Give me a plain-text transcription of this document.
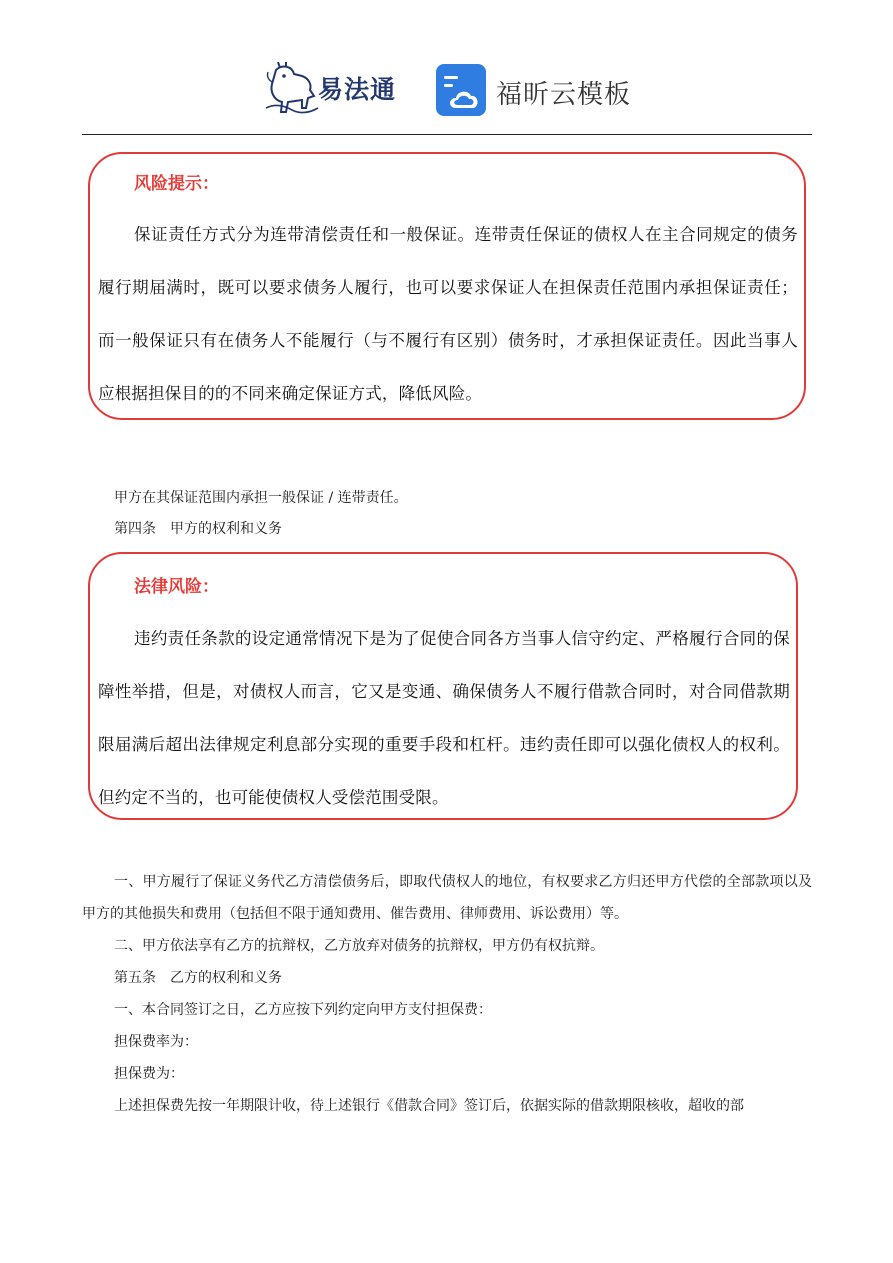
易法通	福昕云模板
风险提示：
保证责任方式分为连带清偿责任和一般保证。连带责任保证的债权人在主合同规定的债务履行期届满时，既可以要求债务人履行，也可以要求保证人在担保责任范围内承担保证责任；而一般保证只有在债务人不能履行（与不履行有区别）债务时，才承担保证责任。因此当事人应根据担保目的的不同来确定保证方式，降低风险。
甲方在其保证范围内承担一般保证 / 连带责任。
第四条　甲方的权利和义务
法律风险：
违约责任条款的设定通常情况下是为了促使合同各方当事人信守约定、严格履行合同的保障性举措，但是，对债权人而言，它又是变通、确保债务人不履行借款合同时，对合同借款期限届满后超出法律规定利息部分实现的重要手段和杠杆。违约责任即可以强化债权人的权利。但约定不当的，也可能使债权人受偿范围受限。
一、甲方履行了保证义务代乙方清偿债务后，即取代债权人的地位，有权要求乙方归还甲方代偿的全部款项以及甲方的其他损失和费用（包括但不限于通知费用、催告费用、律师费用、诉讼费用）等。
二、甲方依法享有乙方的抗辩权，乙方放弃对债务的抗辩权，甲方仍有权抗辩。
第五条　乙方的权利和义务
一、本合同签订之日，乙方应按下列约定向甲方支付担保费：
担保费率为：
担保费为：
上述担保费先按一年期限计收，待上述银行《借款合同》签订后，依据实际的借款期限核收，超收的部
